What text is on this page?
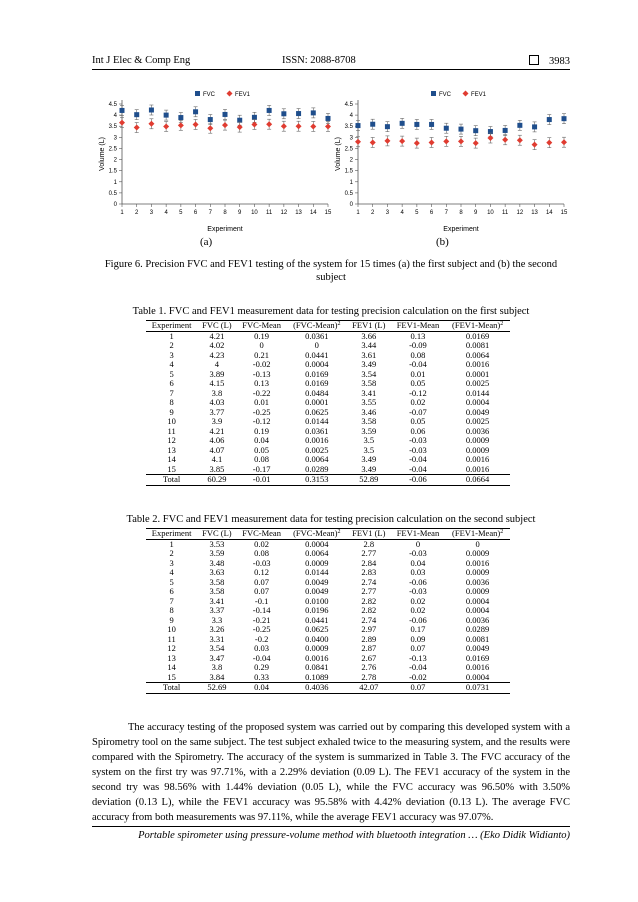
Int J Elec & Comp Eng	ISSN: 2088-8708	3983
0
0.5
1
1.5
2
2.5
3
3.5
4
4.5
1 2 3 4 5 6 7 8 9 10 11 12 13 14 15
Experiment
Volume (L)
FVC	FEV1
0
0.5
1
1.5
2
2.5
3
3.5
4
4.5
1 2 3 4 5 6 7 8 9 10 11 12 13 14 15
Experiment
Volume (L)
FVC	FEV1
(a)	(b)
Figure 6. Precision FVC and FEV1 testing of the system for 15 times (a) the first subject and (b) the second subject
Table 1. FVC and FEV1 measurement data for testing precision calculation on the first subject
Experiment	FVC (L)	FVC-Mean	(FVC-Mean)$^2$	FEV1 (L)	FEV1-Mean	(FEV1-Mean)$^2$
1	4.21	0.19	0.0361	3.66	0.13	0.0169
2	4.02	0	0	3.44	-0.09	0.0081
3	4.23	0.21	0.0441	3.61	0.08	0.0064
4	4	-0.02	0.0004	3.49	-0.04	0.0016
5	3.89	-0.13	0.0169	3.54	0.01	0.0001
6	4.15	0.13	0.0169	3.58	0.05	0.0025
7	3.8	-0.22	0.0484	3.41	-0.12	0.0144
8	4.03	0.01	0.0001	3.55	0.02	0.0004
9	3.77	-0.25	0.0625	3.46	-0.07	0.0049
10	3.9	-0.12	0.0144	3.58	0.05	0.0025
11	4.21	0.19	0.0361	3.59	0.06	0.0036
12	4.06	0.04	0.0016	3.5	-0.03	0.0009
13	4.07	0.05	0.0025	3.5	-0.03	0.0009
14	4.1	0.08	0.0064	3.49	-0.04	0.0016
15	3.85	-0.17	0.0289	3.49	-0.04	0.0016
Total	60.29	-0.01	0.3153	52.89	-0.06	0.0664
Table 2. FVC and FEV1 measurement data for testing precision calculation on the second subject
Experiment	FVC (L)	FVC-Mean	(FVC-Mean)$^2$	FEV1 (L)	FEV1-Mean	(FEV1-Mean)$^2$
1	3.53	0.02	0.0004	2.8	0	0
2	3.59	0.08	0.0064	2.77	-0.03	0.0009
3	3.48	-0.03	0.0009	2.84	0.04	0.0016
4	3.63	0.12	0.0144	2.83	0.03	0.0009
5	3.58	0.07	0.0049	2.74	-0.06	0.0036
6	3.58	0.07	0.0049	2.77	-0.03	0.0009
7	3.41	-0.1	0.0100	2.82	0.02	0.0004
8	3.37	-0.14	0.0196	2.82	0.02	0.0004
9	3.3	-0.21	0.0441	2.74	-0.06	0.0036
10	3.26	-0.25	0.0625	2.97	0.17	0.0289
11	3.31	-0.2	0.0400	2.89	0.09	0.0081
12	3.54	0.03	0.0009	2.87	0.07	0.0049
13	3.47	-0.04	0.0016	2.67	-0.13	0.0169
14	3.8	0.29	0.0841	2.76	-0.04	0.0016
15	3.84	0.33	0.1089	2.78	-0.02	0.0004
Total	52.69	0.04	0.4036	42.07	0.07	0.0731
The accuracy testing of the proposed system was carried out by comparing this developed system with a Spirometry tool on the same subject. The test subject exhaled twice to the measuring system, and the results were compared with the Spirometry. The accuracy of the system is summarized in Table 3. The FVC accuracy of the system on the first try was 97.71%, with a 2.29% deviation (0.09 L). The FEV1 accuracy of the system in the second try was 98.56% with 1.44% deviation (0.05 L), while the FVC accuracy was 96.50% with 3.50% deviation (0.13 L), while the FEV1 accuracy was 95.58% with 4.42% deviation (0.13 L). The average FVC accuracy from both measurements was 97.11%, while the average FEV1 accuracy was 97.07%.
Portable spirometer using pressure-volume method with bluetooth integration … (Eko Didik Widianto)
